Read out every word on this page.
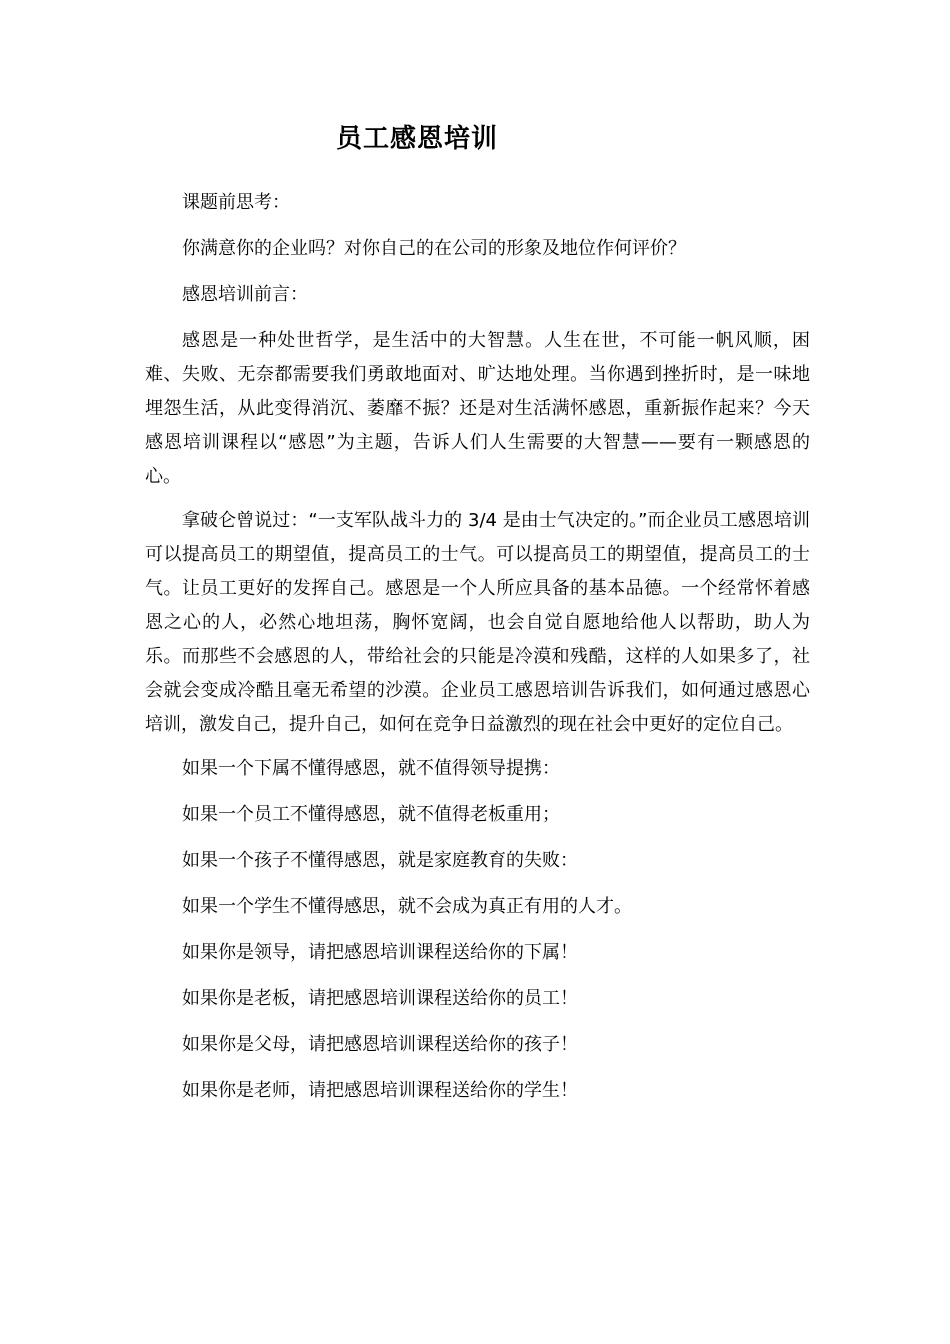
员工感恩培训

课题前思考：

你满意你的企业吗？对你自己的在公司的形象及地位作何评价？

感恩培训前言：

感恩是一种处世哲学，是生活中的大智慧。人生在世，不可能一帆风顺，困难、失败、无奈都需要我们勇敢地面对、旷达地处理。当你遇到挫折时，是一味地埋怨生活，从此变得消沉、萎靡不振？还是对生活满怀感恩，重新振作起来？今天感恩培训课程以“感恩”为主题，告诉人们人生需要的大智慧——要有一颗感恩的心。

拿破仑曾说过：“一支军队战斗力的 3/4 是由士气决定的。”而企业员工感恩培训可以提高员工的期望值，提高员工的士气。可以提高员工的期望值，提高员工的士气。让员工更好的发挥自己。感恩是一个人所应具备的基本品德。一个经常怀着感恩之心的人，必然心地坦荡，胸怀宽阔，也会自觉自愿地给他人以帮助，助人为乐。而那些不会感恩的人，带给社会的只能是冷漠和残酷，这样的人如果多了，社会就会变成冷酷且毫无希望的沙漠。企业员工感恩培训告诉我们，如何通过感恩心培训，激发自己，提升自己，如何在竞争日益激烈的现在社会中更好的定位自己。

如果一个下属不懂得感恩，就不值得领导提携：

如果一个员工不懂得感恩，就不值得老板重用；

如果一个孩子不懂得感恩，就是家庭教育的失败：

如果一个学生不懂得感思，就不会成为真正有用的人才。

如果你是领导，请把感恩培训课程送给你的下属！

如果你是老板，请把感恩培训课程送给你的员工！

如果你是父母，请把感恩培训课程送给你的孩子！

如果你是老师，请把感恩培训课程送给你的学生！
